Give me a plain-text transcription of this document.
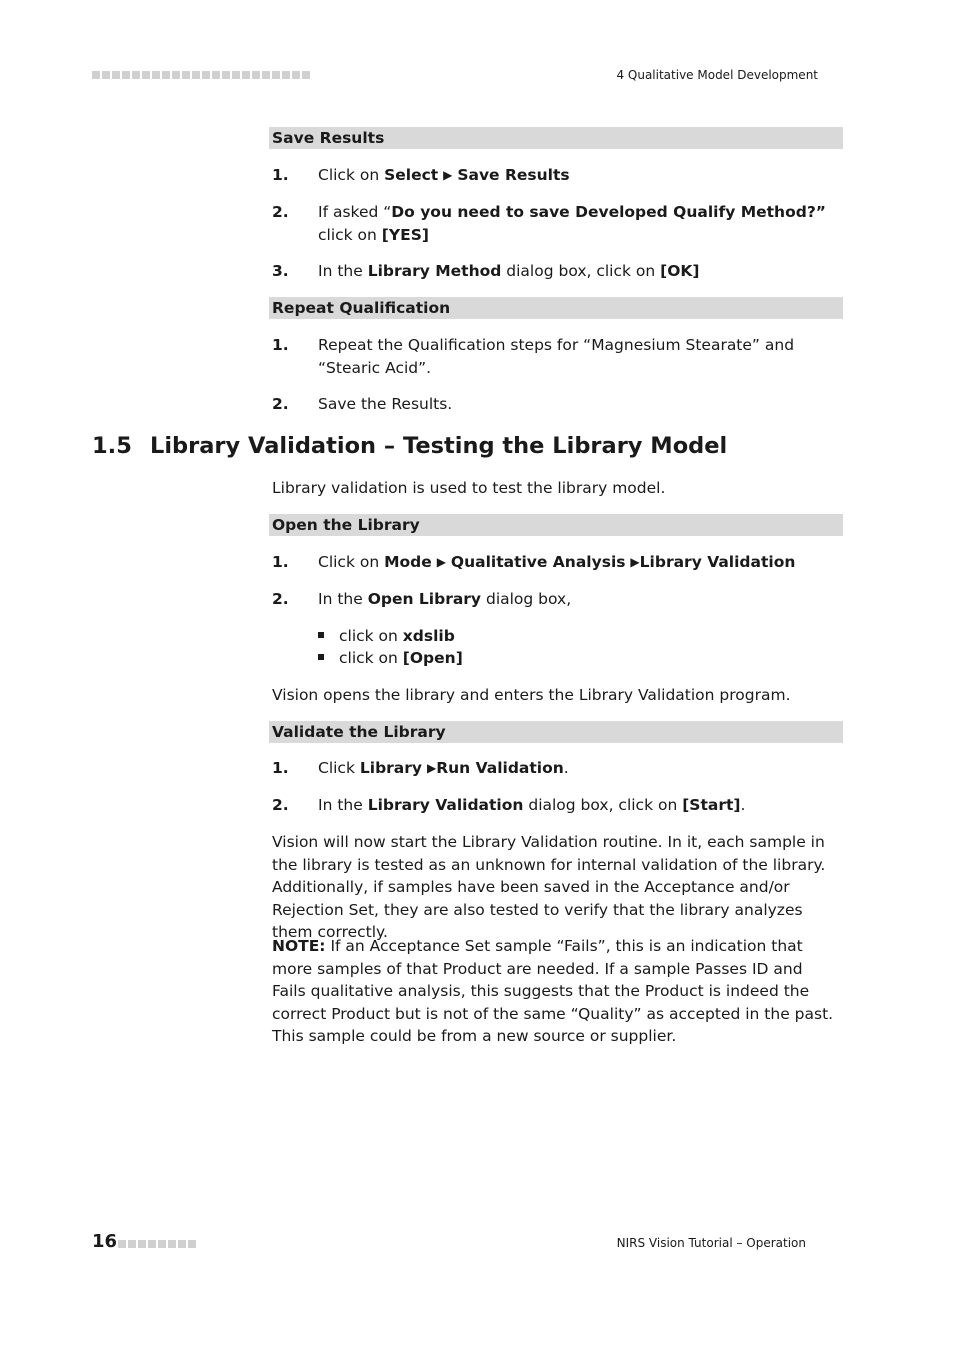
4 Qualitative Model Development
Save Results
1.	Click on Select ▶ Save Results
2.	If asked “Do you need to save Developed Qualify Method?” click on [YES]
3.	In the Library Method dialog box, click on [OK]
Repeat Qualification
1.	Repeat the Qualification steps for “Magnesium Stearate” and “Stearic Acid”.
2.	Save the Results.
1.5 Library Validation – Testing the Library Model
Library validation is used to test the library model.
Open the Library
1.	Click on Mode ▶ Qualitative Analysis ▶Library Validation
2.	In the Open Library dialog box,
click on xdslib
click on [Open]
Vision opens the library and enters the Library Validation program.
Validate the Library
1.	Click Library ▶Run Validation.
2.	In the Library Validation dialog box, click on [Start].
Vision will now start the Library Validation routine. In it, each sample in the library is tested as an unknown for internal validation of the library. Additionally, if samples have been saved in the Acceptance and/or Rejection Set, they are also tested to verify that the library analyzes them correctly.
NOTE: If an Acceptance Set sample “Fails”, this is an indication that more samples of that Product are needed. If a sample Passes ID and Fails qualitative analysis, this suggests that the Product is indeed the correct Product but is not of the same “Quality” as accepted in the past. This sample could be from a new source or supplier.
16	NIRS Vision Tutorial – Operation
